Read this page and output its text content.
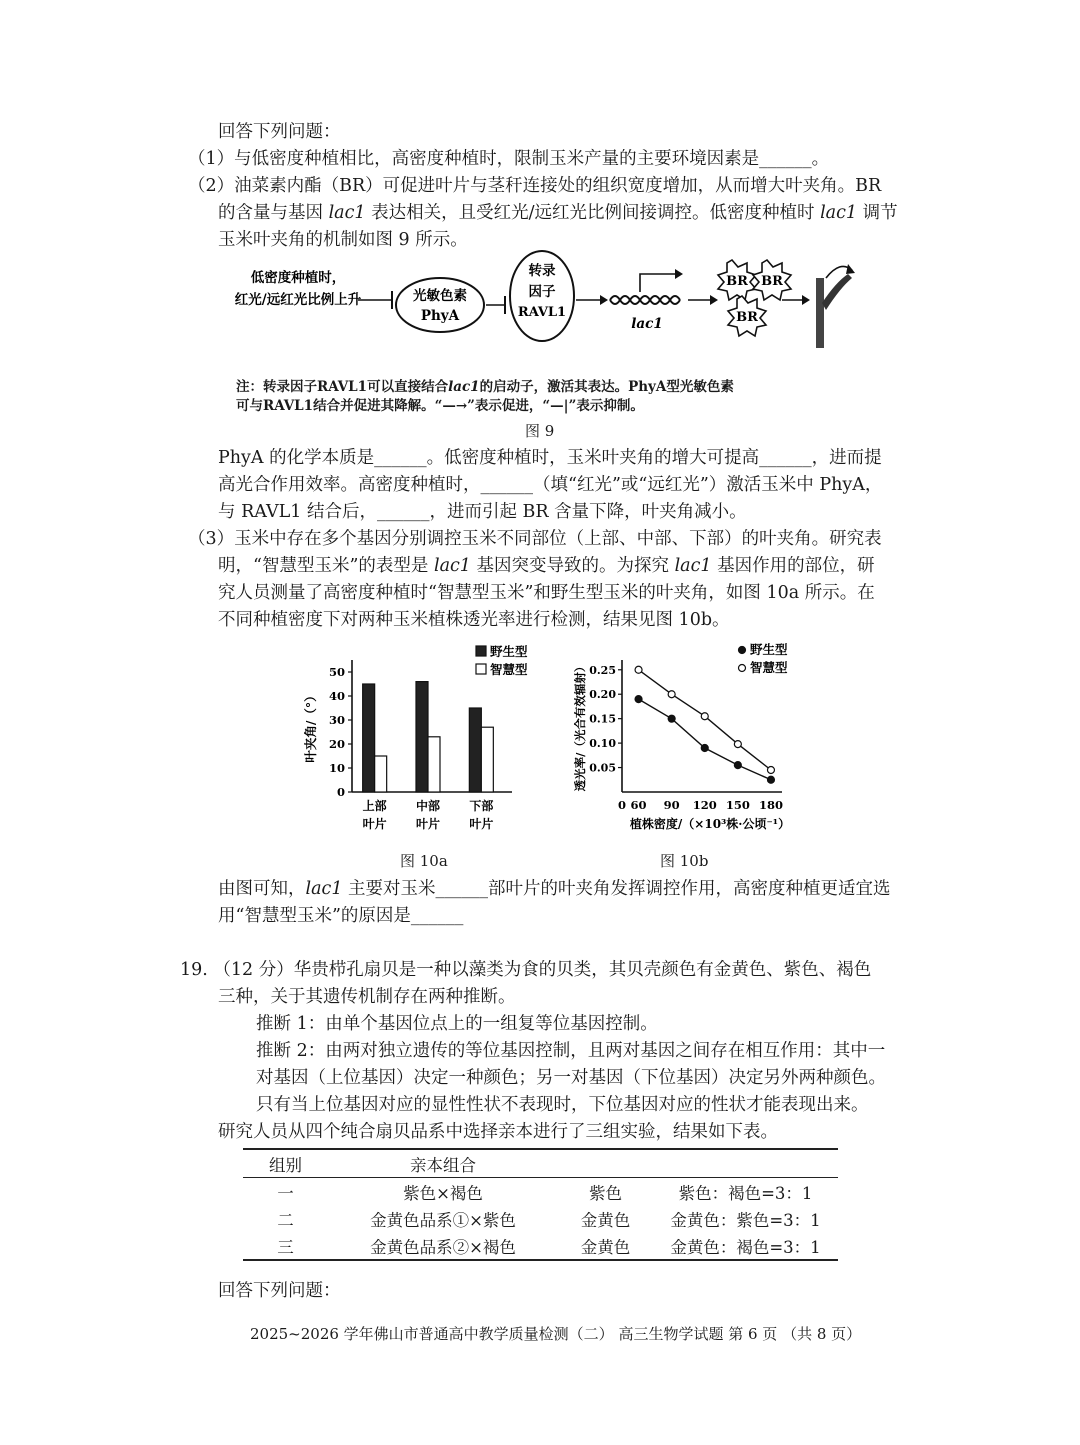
回答下列问题：
（1）与低密度种植相比，高密度种植时，限制玉米产量的主要环境因素是______。
（2）油菜素内酯（BR）可促进叶片与茎秆连接处的组织宽度增加，从而增大叶夹角。BR
的含量与基因 lac1 表达相关，且受红光/远红光比例间接调控。低密度种植时 lac1 调节
玉米叶夹角的机制如图 9 所示。
低密度种植时，
红光/远红光比例上升	光敏色素
PhyA
转录
因子
RAVL1
lac1
BR BR
BR
注：转录因子RAVL1可以直接结合lac1的启动子，激活其表达。PhyA型光敏色素
可与RAVL1结合并促进其降解。“—→”表示促进，“—|”表示抑制。
图 9
PhyA 的化学本质是______。低密度种植时，玉米叶夹角的增大可提高______，进而提
高光合作用效率。高密度种植时，______（填“红光”或“远红光”）激活玉米中 PhyA，
与 RAVL1 结合后，______，进而引起 BR 含量下降，叶夹角减小。
（3）玉米中存在多个基因分别调控玉米不同部位（上部、中部、下部）的叶夹角。研究表
明，“智慧型玉米”的表型是 lac1 基因突变导致的。为探究 lac1 基因作用的部位，研
究人员测量了高密度种植时“智慧型玉米”和野生型玉米的叶夹角，如图 10a 所示。在
不同种植密度下对两种玉米植株透光率进行检测，结果见图 10b。
0
10
20
30
40
50
叶夹角/（°）
上部
叶片
中部
叶片
下部
叶片
野生型
智慧型
图 10a
0.05
0.10
0.15
0.20
0.25
0 60 90 120 150 180
植株密度/（×10³株·公顷⁻¹）
透光率/（光合有效辐射）
野生型
智慧型
图 10b
由图可知，lac1 主要对玉米______部叶片的叶夹角发挥调控作用，高密度种植更适宜选
用“智慧型玉米”的原因是______
19. （12 分）华贵栉孔扇贝是一种以藻类为食的贝类，其贝壳颜色有金黄色、紫色、褐色
三种，关于其遗传机制存在两种推断。
推断 1：由单个基因位点上的一组复等位基因控制。
推断 2：由两对独立遗传的等位基因控制，且两对基因之间存在相互作用：其中一
对基因（上位基因）决定一种颜色；另一对基因（下位基因）决定另外两种颜色。
只有当上位基因对应的显性性状不表现时，下位基因对应的性状才能表现出来。
研究人员从四个纯合扇贝品系中选择亲本进行了三组实验，结果如下表。
组别	亲本组合		
一	紫色×褐色	紫色	紫色：褐色=3：1
二	金黄色品系①×紫色	金黄色	金黄色：紫色=3：1
三	金黄色品系②×褐色	金黄色	金黄色：褐色=3：1
回答下列问题：
2025~2026 学年佛山市普通高中教学质量检测（二） 高三生物学试题 第 6 页 （共 8 页）
